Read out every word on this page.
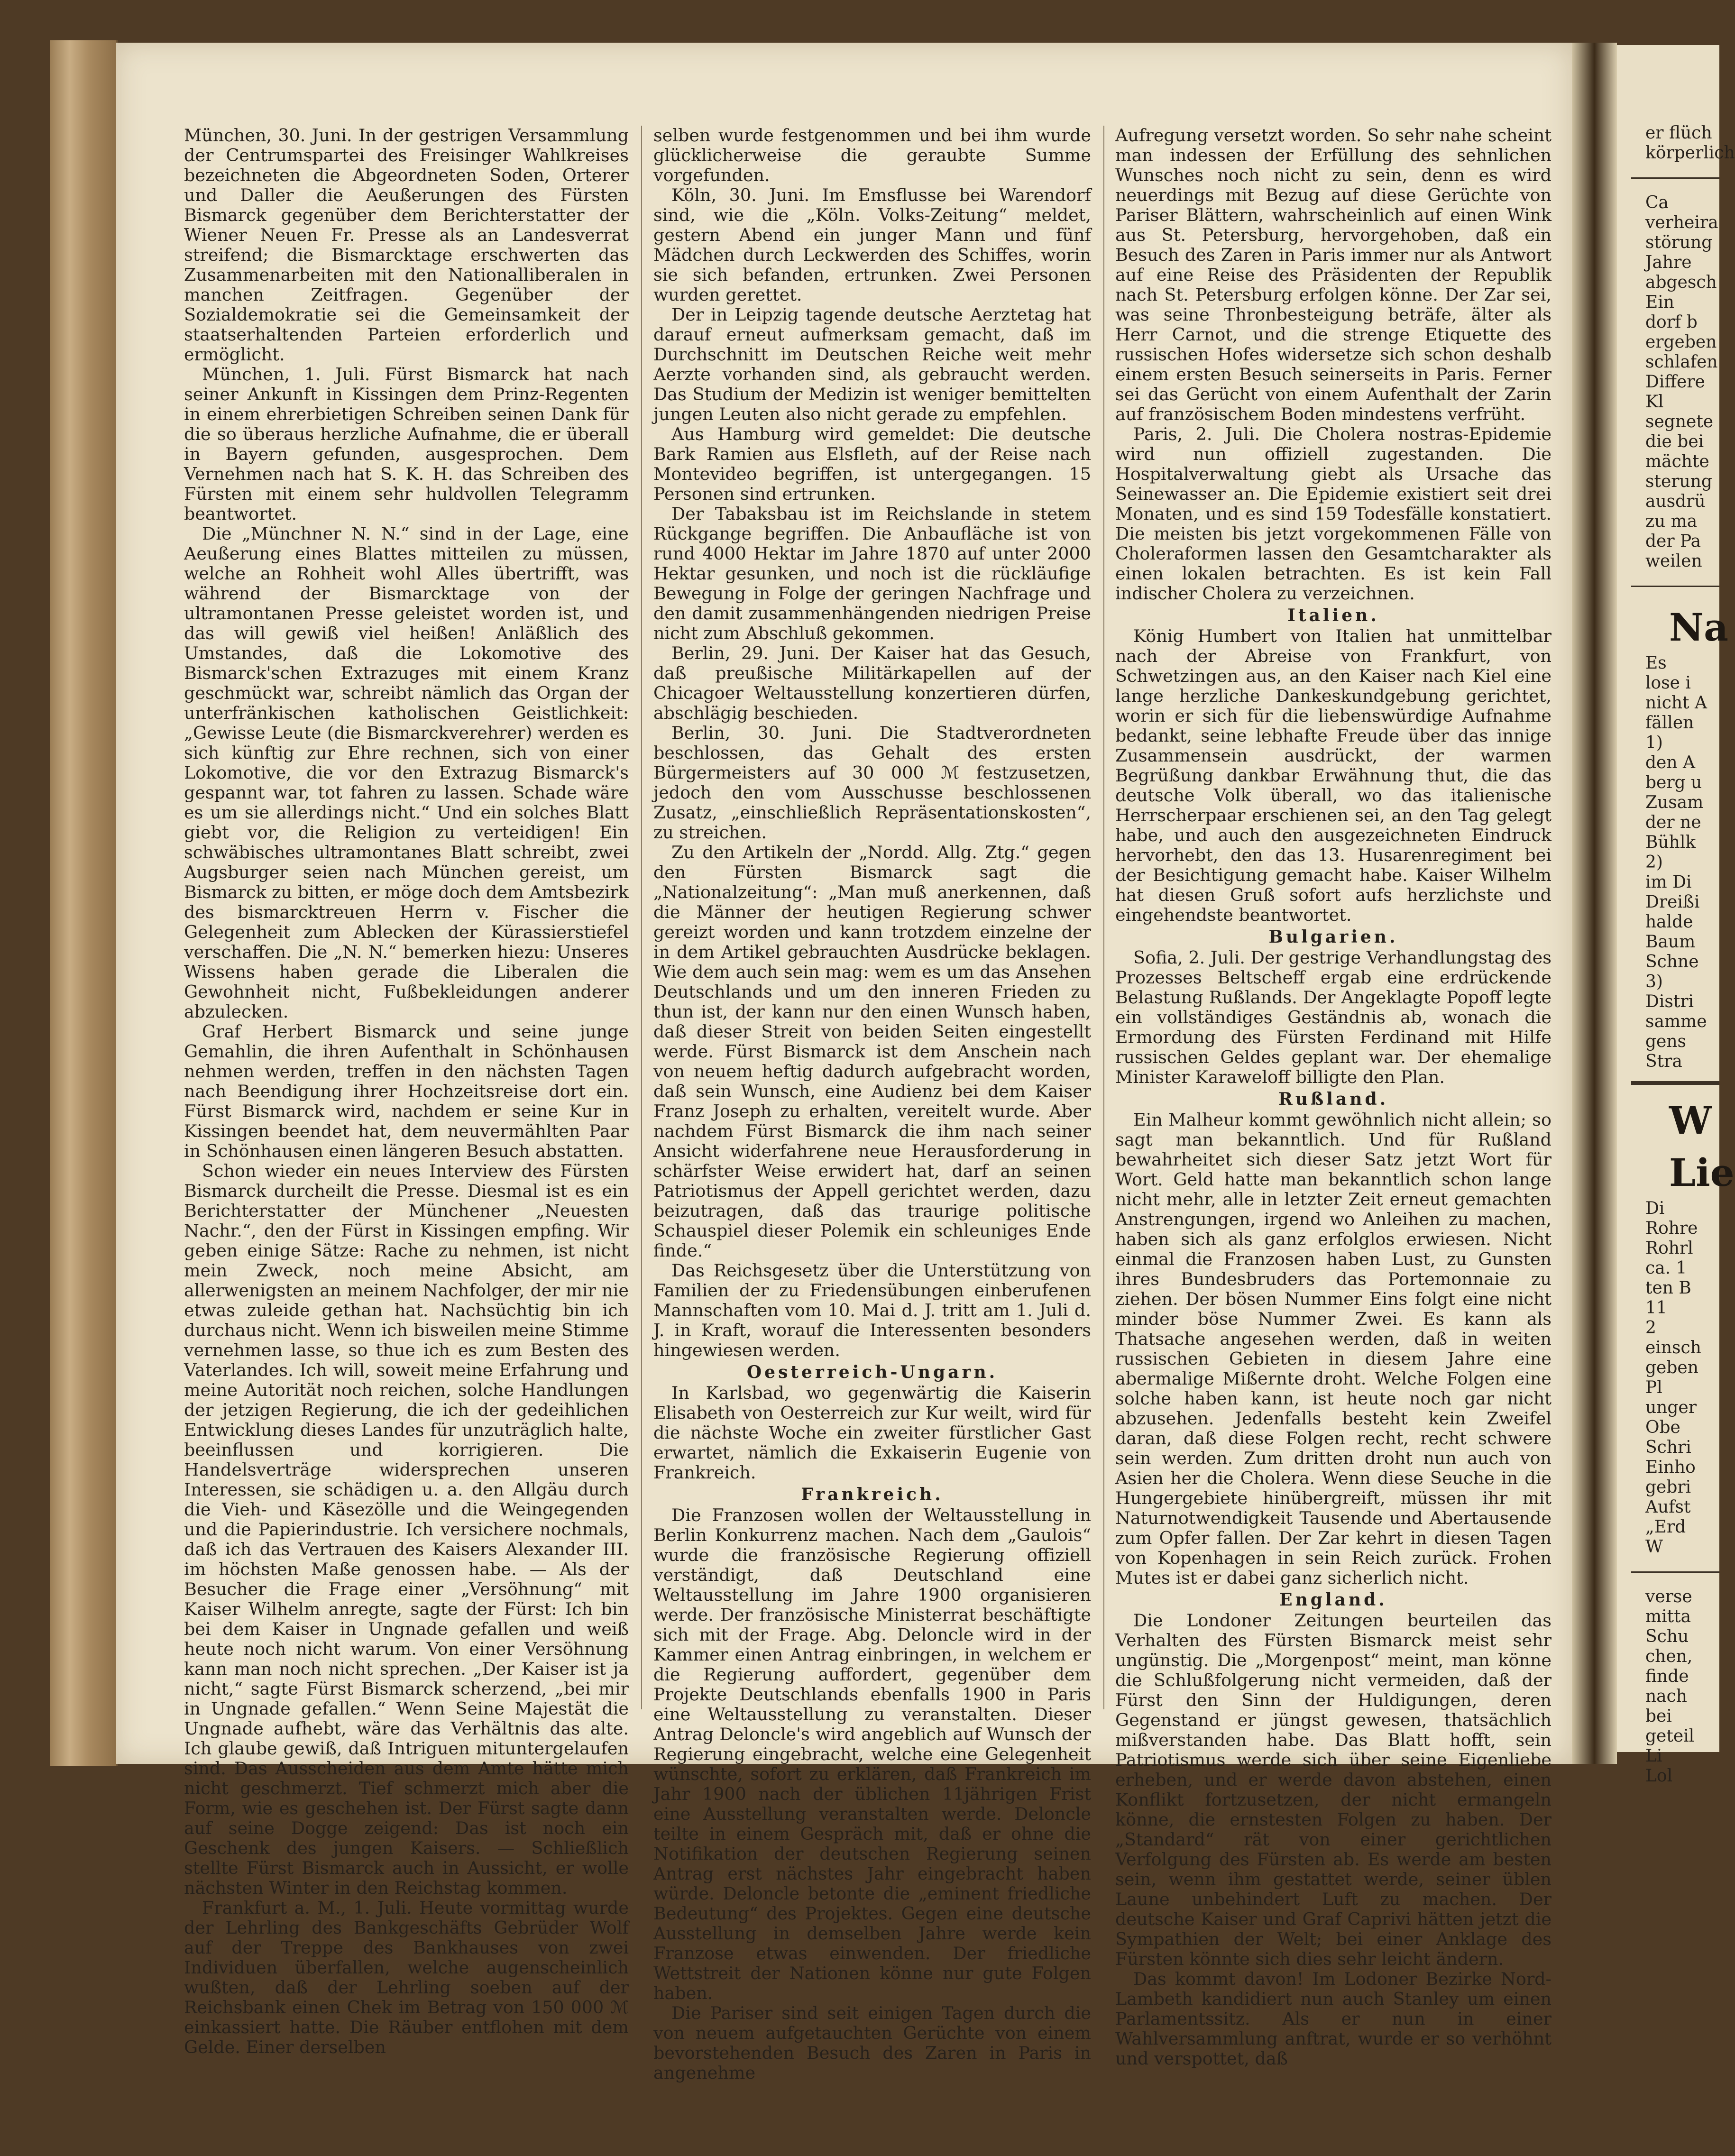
München, 30. Juni. In der gestrigen Versammlung der Centrumspartei des Freisinger Wahlkreises bezeichneten die Abgeordneten Soden, Orterer und Daller die Aeußerungen des Fürsten Bismarck gegenüber dem Berichterstatter der Wiener Neuen Fr. Presse als an Landesverrat streifend; die Bismarcktage erschwerten das Zusammenarbeiten mit den Nationalliberalen in manchen Zeitfragen. Gegenüber der Sozialdemokratie sei die Gemeinsamkeit der staatserhaltenden Parteien erforderlich und ermöglicht.

München, 1. Juli. Fürst Bismarck hat nach seiner Ankunft in Kissingen dem Prinz-Regenten in einem ehrerbietigen Schreiben seinen Dank für die so überaus herzliche Aufnahme, die er überall in Bayern gefunden, ausgesprochen. Dem Vernehmen nach hat S. K. H. das Schreiben des Fürsten mit einem sehr huldvollen Telegramm beantwortet.

Die „Münchner N. N.“ sind in der Lage, eine Aeußerung eines Blattes mitteilen zu müssen, welche an Rohheit wohl Alles übertrifft, was während der Bismarcktage von der ultramontanen Presse geleistet worden ist, und das will gewiß viel heißen! Anläßlich des Umstandes, daß die Lokomotive des Bismarck'schen Extrazuges mit einem Kranz geschmückt war, schreibt nämlich das Organ der unterfränkischen katholischen Geistlichkeit: „Gewisse Leute (die Bismarckverehrer) werden es sich künftig zur Ehre rechnen, sich von einer Lokomotive, die vor den Extrazug Bismarck's gespannt war, tot fahren zu lassen. Schade wäre es um sie allerdings nicht.“ Und ein solches Blatt giebt vor, die Religion zu verteidigen! Ein schwäbisches ultramontanes Blatt schreibt, zwei Augsburger seien nach München gereist, um Bismarck zu bitten, er möge doch dem Amtsbezirk des bismarcktreuen Herrn v. Fischer die Gelegenheit zum Ablecken der Kürassierstiefel verschaffen. Die „N. N.“ bemerken hiezu: Unseres Wissens haben gerade die Liberalen die Gewohnheit nicht, Fußbekleidungen anderer abzulecken.

Graf Herbert Bismarck und seine junge Gemahlin, die ihren Aufenthalt in Schönhausen nehmen werden, treffen in den nächsten Tagen nach Beendigung ihrer Hochzeitsreise dort ein. Fürst Bismarck wird, nachdem er seine Kur in Kissingen beendet hat, dem neuvermählten Paar in Schönhausen einen längeren Besuch abstatten.

Schon wieder ein neues Interview des Fürsten Bismarck durcheilt die Presse. Diesmal ist es ein Berichterstatter der Münchener „Neuesten Nachr.“, den der Fürst in Kissingen empfing. Wir geben einige Sätze: Rache zu nehmen, ist nicht mein Zweck, noch meine Absicht, am allerwenigsten an meinem Nachfolger, der mir nie etwas zuleide gethan hat. Nachsüchtig bin ich durchaus nicht. Wenn ich bisweilen meine Stimme vernehmen lasse, so thue ich es zum Besten des Vaterlandes. Ich will, soweit meine Erfahrung und meine Autorität noch reichen, solche Handlungen der jetzigen Regierung, die ich der gedeihlichen Entwicklung dieses Landes für unzuträglich halte, beeinflussen und korrigieren. Die Handelsverträge widersprechen unseren Interessen, sie schädigen u. a. den Allgäu durch die Vieh- und Käsezölle und die Weingegenden und die Papierindustrie. Ich versichere nochmals, daß ich das Vertrauen des Kaisers Alexander III. im höchsten Maße genossen habe. — Als der Besucher die Frage einer „Versöhnung“ mit Kaiser Wilhelm anregte, sagte der Fürst: Ich bin bei dem Kaiser in Ungnade gefallen und weiß heute noch nicht warum. Von einer Versöhnung kann man noch nicht sprechen. „Der Kaiser ist ja nicht,“ sagte Fürst Bismarck scherzend, „bei mir in Ungnade gefallen.“ Wenn Seine Majestät die Ungnade aufhebt, wäre das Verhältnis das alte. Ich glaube gewiß, daß Intriguen mituntergelaufen sind. Das Ausscheiden aus dem Amte hätte mich nicht geschmerzt. Tief schmerzt mich aber die Form, wie es geschehen ist. Der Fürst sagte dann auf seine Dogge zeigend: Das ist noch ein Geschenk des jungen Kaisers. — Schließlich stellte Fürst Bismarck auch in Aussicht, er wolle nächsten Winter in den Reichstag kommen.

Frankfurt a. M., 1. Juli. Heute vormittag wurde der Lehrling des Bankgeschäfts Gebrüder Wolf auf der Treppe des Bankhauses von zwei Individuen überfallen, welche augenscheinlich wußten, daß der Lehrling soeben auf der Reichsbank einen Chek im Betrag von 150 000 ℳ einkassiert hatte. Die Räuber entflohen mit dem Gelde. Einer derselben

selben wurde festgenommen und bei ihm wurde glücklicherweise die geraubte Summe vorgefunden.

Köln, 30. Juni. Im Emsflusse bei Warendorf sind, wie die „Köln. Volks-Zeitung“ meldet, gestern Abend ein junger Mann und fünf Mädchen durch Leckwerden des Schiffes, worin sie sich befanden, ertrunken. Zwei Personen wurden gerettet.

Der in Leipzig tagende deutsche Aerztetag hat darauf erneut aufmerksam gemacht, daß im Durchschnitt im Deutschen Reiche weit mehr Aerzte vorhanden sind, als gebraucht werden. Das Studium der Medizin ist weniger bemittelten jungen Leuten also nicht gerade zu empfehlen.

Aus Hamburg wird gemeldet: Die deutsche Bark Ramien aus Elsfleth, auf der Reise nach Montevideo begriffen, ist untergegangen. 15 Personen sind ertrunken.

Der Tabaksbau ist im Reichslande in stetem Rückgange begriffen. Die Anbaufläche ist von rund 4000 Hektar im Jahre 1870 auf unter 2000 Hektar gesunken, und noch ist die rückläufige Bewegung in Folge der geringen Nachfrage und den damit zusammenhängenden niedrigen Preise nicht zum Abschluß gekommen.

Berlin, 29. Juni. Der Kaiser hat das Gesuch, daß preußische Militärkapellen auf der Chicagoer Weltausstellung konzertieren dürfen, abschlägig beschieden.

Berlin, 30. Juni. Die Stadtverordneten beschlossen, das Gehalt des ersten Bürgermeisters auf 30 000 ℳ festzusetzen, jedoch den vom Ausschusse beschlossenen Zusatz, „einschließlich Repräsentationskosten“, zu streichen.

Zu den Artikeln der „Nordd. Allg. Ztg.“ gegen den Fürsten Bismarck sagt die „Nationalzeitung“: „Man muß anerkennen, daß die Männer der heutigen Regierung schwer gereizt worden und kann trotzdem einzelne der in dem Artikel gebrauchten Ausdrücke beklagen. Wie dem auch sein mag: wem es um das Ansehen Deutschlands und um den inneren Frieden zu thun ist, der kann nur den einen Wunsch haben, daß dieser Streit von beiden Seiten eingestellt werde. Fürst Bismarck ist dem Anschein nach von neuem heftig dadurch aufgebracht worden, daß sein Wunsch, eine Audienz bei dem Kaiser Franz Joseph zu erhalten, vereitelt wurde. Aber nachdem Fürst Bismarck die ihm nach seiner Ansicht widerfahrene neue Herausforderung in schärfster Weise erwidert hat, darf an seinen Patriotismus der Appell gerichtet werden, dazu beizutragen, daß das traurige politische Schauspiel dieser Polemik ein schleuniges Ende finde.“

Das Reichsgesetz über die Unterstützung von Familien der zu Friedensübungen einberufenen Mannschaften vom 10. Mai d. J. tritt am 1. Juli d. J. in Kraft, worauf die Interessenten besonders hingewiesen werden.

Oesterreich-Ungarn.

In Karlsbad, wo gegenwärtig die Kaiserin Elisabeth von Oesterreich zur Kur weilt, wird für die nächste Woche ein zweiter fürstlicher Gast erwartet, nämlich die Exkaiserin Eugenie von Frankreich.

Frankreich.

Die Franzosen wollen der Weltausstellung in Berlin Konkurrenz machen. Nach dem „Gaulois“ wurde die französische Regierung offiziell verständigt, daß Deutschland eine Weltausstellung im Jahre 1900 organisieren werde. Der französische Ministerrat beschäftigte sich mit der Frage. Abg. Deloncle wird in der Kammer einen Antrag einbringen, in welchem er die Regierung auffordert, gegenüber dem Projekte Deutschlands ebenfalls 1900 in Paris eine Weltausstellung zu veranstalten. Dieser Antrag Deloncle's wird angeblich auf Wunsch der Regierung eingebracht, welche eine Gelegenheit wünschte, sofort zu erklären, daß Frankreich im Jahr 1900 nach der üblichen 11jährigen Frist eine Ausstellung veranstalten werde. Deloncle teilte in einem Gespräch mit, daß er ohne die Notifikation der deutschen Regierung seinen Antrag erst nächstes Jahr eingebracht haben würde. Deloncle betonte die „eminent friedliche Bedeutung“ des Projektes. Gegen eine deutsche Ausstellung in demselben Jahre werde kein Franzose etwas einwenden. Der friedliche Wettstreit der Nationen könne nur gute Folgen haben.

Die Pariser sind seit einigen Tagen durch die von neuem aufgetauchten Gerüchte von einem bevorstehenden Besuch des Zaren in Paris in angenehme

Aufregung versetzt worden. So sehr nahe scheint man indessen der Erfüllung des sehnlichen Wunsches noch nicht zu sein, denn es wird neuerdings mit Bezug auf diese Gerüchte von Pariser Blättern, wahrscheinlich auf einen Wink aus St. Petersburg, hervorgehoben, daß ein Besuch des Zaren in Paris immer nur als Antwort auf eine Reise des Präsidenten der Republik nach St. Petersburg erfolgen könne. Der Zar sei, was seine Thronbesteigung beträfe, älter als Herr Carnot, und die strenge Etiquette des russischen Hofes widersetze sich schon deshalb einem ersten Besuch seinerseits in Paris. Ferner sei das Gerücht von einem Aufenthalt der Zarin auf französischem Boden mindestens verfrüht.

Paris, 2. Juli. Die Cholera nostras-Epidemie wird nun offiziell zugestanden. Die Hospitalverwaltung giebt als Ursache das Seinewasser an. Die Epidemie existiert seit drei Monaten, und es sind 159 Todesfälle konstatiert. Die meisten bis jetzt vorgekommenen Fälle von Choleraformen lassen den Gesamtcharakter als einen lokalen betrachten. Es ist kein Fall indischer Cholera zu verzeichnen.

Italien.

König Humbert von Italien hat unmittelbar nach der Abreise von Frankfurt, von Schwetzingen aus, an den Kaiser nach Kiel eine lange herzliche Dankeskundgebung gerichtet, worin er sich für die liebenswürdige Aufnahme bedankt, seine lebhafte Freude über das innige Zusammensein ausdrückt, der warmen Begrüßung dankbar Erwähnung thut, die das deutsche Volk überall, wo das italienische Herrscherpaar erschienen sei, an den Tag gelegt habe, und auch den ausgezeichneten Eindruck hervorhebt, den das 13. Husarenregiment bei der Besichtigung gemacht habe. Kaiser Wilhelm hat diesen Gruß sofort aufs herzlichste und eingehendste beantwortet.

Bulgarien.

Sofia, 2. Juli. Der gestrige Verhandlungstag des Prozesses Beltscheff ergab eine erdrückende Belastung Rußlands. Der Angeklagte Popoff legte ein vollständiges Geständnis ab, wonach die Ermordung des Fürsten Ferdinand mit Hilfe russischen Geldes geplant war. Der ehemalige Minister Karaweloff billigte den Plan.

Rußland.

Ein Malheur kommt gewöhnlich nicht allein; so sagt man bekanntlich. Und für Rußland bewahrheitet sich dieser Satz jetzt Wort für Wort. Geld hatte man bekanntlich schon lange nicht mehr, alle in letzter Zeit erneut gemachten Anstrengungen, irgend wo Anleihen zu machen, haben sich als ganz erfolglos erwiesen. Nicht einmal die Franzosen haben Lust, zu Gunsten ihres Bundesbruders das Portemonnaie zu ziehen. Der bösen Nummer Eins folgt eine nicht minder böse Nummer Zwei. Es kann als Thatsache angesehen werden, daß in weiten russischen Gebieten in diesem Jahre eine abermalige Mißernte droht. Welche Folgen eine solche haben kann, ist heute noch gar nicht abzusehen. Jedenfalls besteht kein Zweifel daran, daß diese Folgen recht, recht schwere sein werden. Zum dritten droht nun auch von Asien her die Cholera. Wenn diese Seuche in die Hungergebiete hinübergreift, müssen ihr mit Naturnotwendigkeit Tausende und Abertausende zum Opfer fallen. Der Zar kehrt in diesen Tagen von Kopenhagen in sein Reich zurück. Frohen Mutes ist er dabei ganz sicherlich nicht.

England.

Die Londoner Zeitungen beurteilen das Verhalten des Fürsten Bismarck meist sehr ungünstig. Die „Morgenpost“ meint, man könne die Schlußfolgerung nicht vermeiden, daß der Fürst den Sinn der Huldigungen, deren Gegenstand er jüngst gewesen, thatsächlich mißverstanden habe. Das Blatt hofft, sein Patriotismus werde sich über seine Eigenliebe erheben, und er werde davon abstehen, einen Konflikt fortzusetzen, der nicht ermangeln könne, die ernstesten Folgen zu haben. Der „Standard“ rät von einer gerichtlichen Verfolgung des Fürsten ab. Es werde am besten sein, wenn ihm gestattet werde, seiner üblen Laune unbehindert Luft zu machen. Der deutsche Kaiser und Graf Caprivi hätten jetzt die Sympathien der Welt; bei einer Anklage des Fürsten könnte sich dies sehr leicht ändern.

Das kommt davon! Im Lodoner Bezirke Nord-Lambeth kandidiert nun auch Stanley um einen Parlamentssitz. Als er nun in einer Wahlversammlung anftrat, wurde er so verhöhnt und verspottet, daß

er flüch
körperlich
Ca
verheira
störung
Jahre
abgesch
Ein
dorf b
ergeben
schlafen
Differe
Kl
segnete
die bei
mächte
sterung
ausdrü
zu ma
der Pa
weilen
Na
Es
lose i
nicht A
fällen
1)
den A
berg u
Zusam
der ne
Bühlk
2)
im Di
Dreißi
halde
Baum
Schne
3)
Distri
samme
gens
Stra
W
Lie
Di
Rohre
Rohrl
ca. 1
ten B
11
2
einsch
geben
Pl
unger
Obe
Schri
Einho
gebri
Aufst
„Erd
W
verse
mitta
Schu
chen,
finde
nach
bei
geteil
Li
Lol
